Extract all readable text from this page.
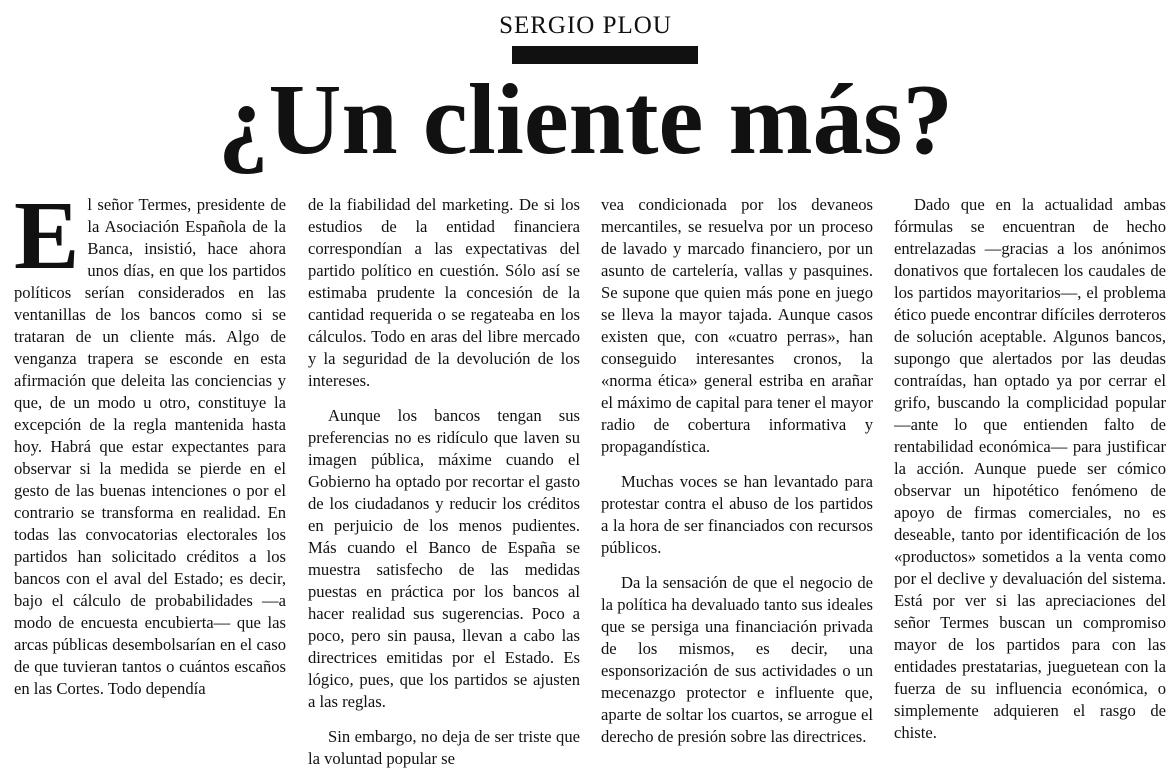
SERGIO PLOU
¿Un cliente más?
E l señor Termes, presidente de la Asociación Española de la Banca, insistió, hace ahora unos días, en que los partidos políticos serían considerados en las ventanillas de los bancos como si se trataran de un cliente más. Algo de venganza trapera se esconde en esta afirmación que deleita las conciencias y que, de un modo u otro, constituye la excepción de la regla mantenida hasta hoy. Habrá que estar expectantes para observar si la medida se pierde en el gesto de las buenas intenciones o por el contrario se transforma en realidad. En todas las convocatorias electorales los partidos han solicitado créditos a los bancos con el aval del Estado; es decir, bajo el cálculo de probabilidades —a modo de encuesta encubierta— que las arcas públicas desembolsarían en el caso de que tuvieran tantos o cuántos escaños en las Cortes. Todo dependía

de la fiabilidad del marketing. De si los estudios de la entidad financiera correspondían a las expectativas del partido político en cuestión. Sólo así se estimaba prudente la concesión de la cantidad requerida o se regateaba en los cálculos. Todo en aras del libre mercado y la seguridad de la devolución de los intereses.

Aunque los bancos tengan sus preferencias no es ridículo que laven su imagen pública, máxime cuando el Gobierno ha optado por recortar el gasto de los ciudadanos y reducir los créditos en perjuicio de los menos pudientes. Más cuando el Banco de España se muestra satisfecho de las medidas puestas en práctica por los bancos al hacer realidad sus sugerencias. Poco a poco, pero sin pausa, llevan a cabo las directrices emitidas por el Estado. Es lógico, pues, que los partidos se ajusten a las reglas.

Sin embargo, no deja de ser triste que la voluntad popular se

vea condicionada por los devaneos mercantiles, se resuelva por un proceso de lavado y marcado financiero, por un asunto de cartelería, vallas y pasquines. Se supone que quien más pone en juego se lleva la mayor tajada. Aunque casos existen que, con «cuatro perras», han conseguido interesantes cronos, la «norma ética» general estriba en arañar el máximo de capital para tener el mayor radio de cobertura informativa y propagandística.

Muchas voces se han levantado para protestar contra el abuso de los partidos a la hora de ser financiados con recursos públicos.

Da la sensación de que el negocio de la política ha devaluado tanto sus ideales que se persiga una financiación privada de los mismos, es decir, una esponsorización de sus actividades o un mecenazgo protector e influente que, aparte de soltar los cuartos, se arrogue el derecho de presión sobre las directrices.

Dado que en la actualidad ambas fórmulas se encuentran de hecho entrelazadas —gracias a los anónimos donativos que fortalecen los caudales de los partidos mayoritarios—, el problema ético puede encontrar difíciles derroteros de solución aceptable. Algunos bancos, supongo que alertados por las deudas contraídas, han optado ya por cerrar el grifo, buscando la complicidad popular —ante lo que entienden falto de rentabilidad económica— para justificar la acción. Aunque puede ser cómico observar un hipotético fenómeno de apoyo de firmas comerciales, no es deseable, tanto por identificación de los «productos» sometidos a la venta como por el declive y devaluación del sistema. Está por ver si las apreciaciones del señor Termes buscan un compromiso mayor de los partidos para con las entidades prestatarias, jueguetean con la fuerza de su influencia económica, o simplemente adquieren el rasgo de chiste.
